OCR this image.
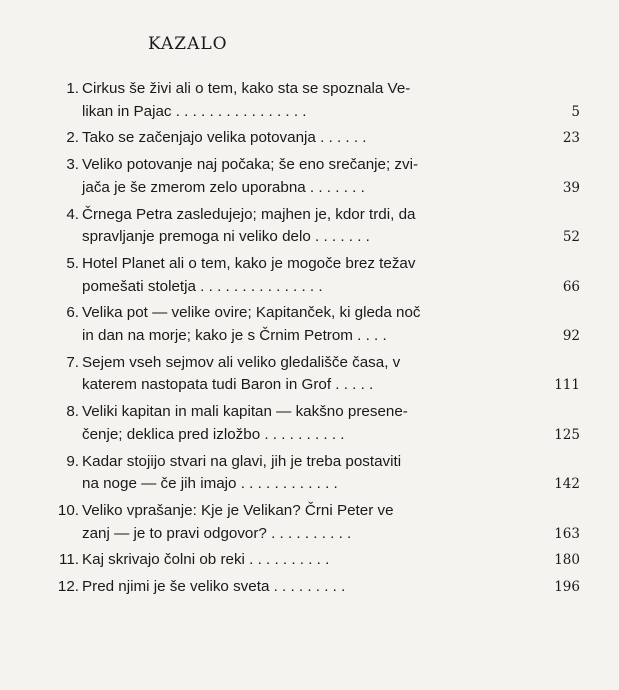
KAZALO
1. Cirkus še živi ali o tem, kako sta se spoznala Ve-
likan in Pajac . . . . . . . . . . . . . . . .	5
2. Tako se začenjajo velika potovanja . . . . . .	23
3. Veliko potovanje naj počaka; še eno srečanje; zvi-
jača je še zmerom zelo uporabna . . . . . . .	39
4. Črnega Petra zasledujejo; majhen je, kdor trdi, da
spravljanje premoga ni veliko delo . . . . . . .	52
5. Hotel Planet ali o tem, kako je mogoče brez težav
pomešati stoletja . . . . . . . . . . . . . . .	66
6. Velika pot — velike ovire; Kapitanček, ki gleda noč
in dan na morje; kako je s Črnim Petrom . . . .	92
7. Sejem vseh sejmov ali veliko gledališče časa, v
katerem nastopata tudi Baron in Grof . . . . .	111
8. Veliki kapitan in mali kapitan — kakšno presene-
čenje; deklica pred izložbo . . . . . . . . . .	125
9. Kadar stojijo stvari na glavi, jih je treba postaviti
na noge — če jih imajo . . . . . . . . . . . .	142
10. Veliko vprašanje: Kje je Velikan? Črni Peter ve
zanj — je to pravi odgovor? . . . . . . . . . .	163
11. Kaj skrivajo čolni ob reki . . . . . . . . . .	180
12. Pred njimi je še veliko sveta . . . . . . . . .	196
